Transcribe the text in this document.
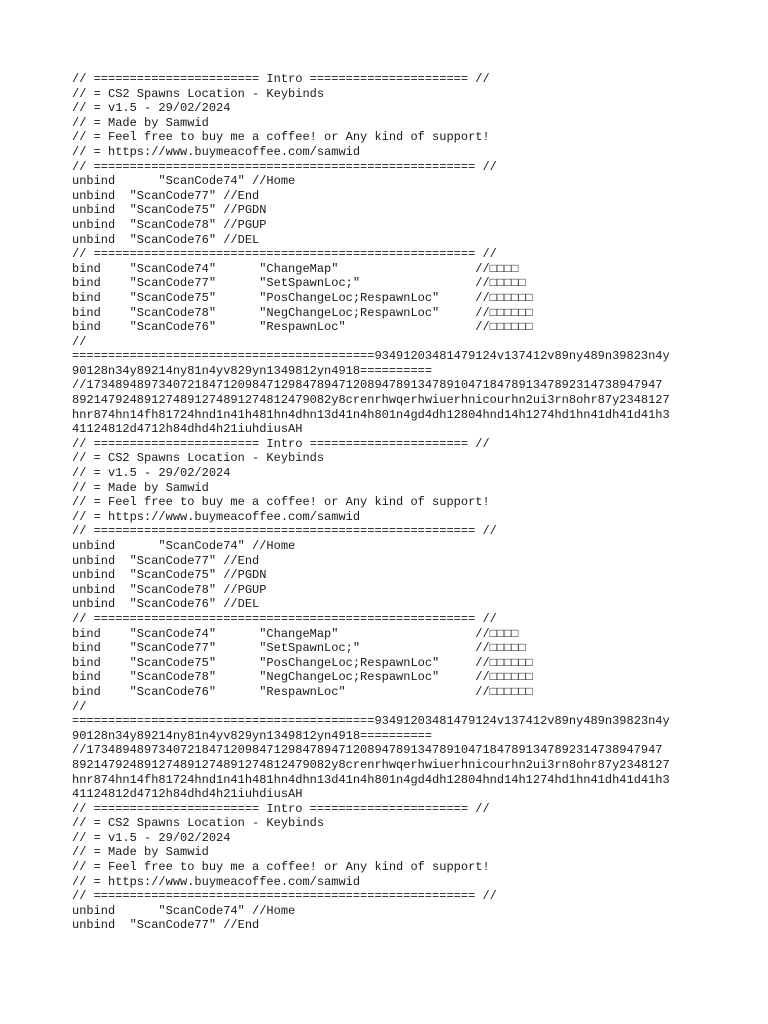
// ======================= Intro ====================== //
// = CS2 Spawns Location - Keybinds
// = v1.5 - 29/02/2024
// = Made by Samwid
// = Feel free to buy me a coffee! or Any kind of support!
// = https://www.buymeacoffee.com/samwid
// ===================================================== //
unbind      "ScanCode74" //Home
unbind  "ScanCode77" //End
unbind  "ScanCode75" //PGDN
unbind  "ScanCode78" //PGUP
unbind  "ScanCode76" //DEL
// ===================================================== //
bind    "ScanCode74"      "ChangeMap"                   //□□□□
bind    "ScanCode77"      "SetSpawnLoc;"                //□□□□□
bind    "ScanCode75"      "PosChangeLoc;RespawnLoc"     //□□□□□□
bind    "ScanCode78"      "NegChangeLoc;RespawnLoc"     //□□□□□□
bind    "ScanCode76"      "RespawnLoc"                  //□□□□□□
//
==========================================93491203481479124v137412v89ny489n39823n4y
90128n34y89214ny81n4yv829yn1349812yn4918==========
//17348948973407218471209847129847894712089478913478910471847891347892314738947947
892147924891274891274891274812479082y8crenrhwqerhwiuerhnicourhn2ui3rn8ohr87y2348127
hnr874hn14fh81724hnd1n41h481hn4dhn13d41n4h801n4gd4dh12804hnd14h1274hd1hn41dh41d41h3
41124812d4712h84dhd4h21iuhdiusAH
// ======================= Intro ====================== //
// = CS2 Spawns Location - Keybinds
// = v1.5 - 29/02/2024
// = Made by Samwid
// = Feel free to buy me a coffee! or Any kind of support!
// = https://www.buymeacoffee.com/samwid
// ===================================================== //
unbind      "ScanCode74" //Home
unbind  "ScanCode77" //End
unbind  "ScanCode75" //PGDN
unbind  "ScanCode78" //PGUP
unbind  "ScanCode76" //DEL
// ===================================================== //
bind    "ScanCode74"      "ChangeMap"                   //□□□□
bind    "ScanCode77"      "SetSpawnLoc;"                //□□□□□
bind    "ScanCode75"      "PosChangeLoc;RespawnLoc"     //□□□□□□
bind    "ScanCode78"      "NegChangeLoc;RespawnLoc"     //□□□□□□
bind    "ScanCode76"      "RespawnLoc"                  //□□□□□□
//
==========================================93491203481479124v137412v89ny489n39823n4y
90128n34y89214ny81n4yv829yn1349812yn4918==========
//17348948973407218471209847129847894712089478913478910471847891347892314738947947
892147924891274891274891274812479082y8crenrhwqerhwiuerhnicourhn2ui3rn8ohr87y2348127
hnr874hn14fh81724hnd1n41h481hn4dhn13d41n4h801n4gd4dh12804hnd14h1274hd1hn41dh41d41h3
41124812d4712h84dhd4h21iuhdiusAH
// ======================= Intro ====================== //
// = CS2 Spawns Location - Keybinds
// = v1.5 - 29/02/2024
// = Made by Samwid
// = Feel free to buy me a coffee! or Any kind of support!
// = https://www.buymeacoffee.com/samwid
// ===================================================== //
unbind      "ScanCode74" //Home
unbind  "ScanCode77" //End
